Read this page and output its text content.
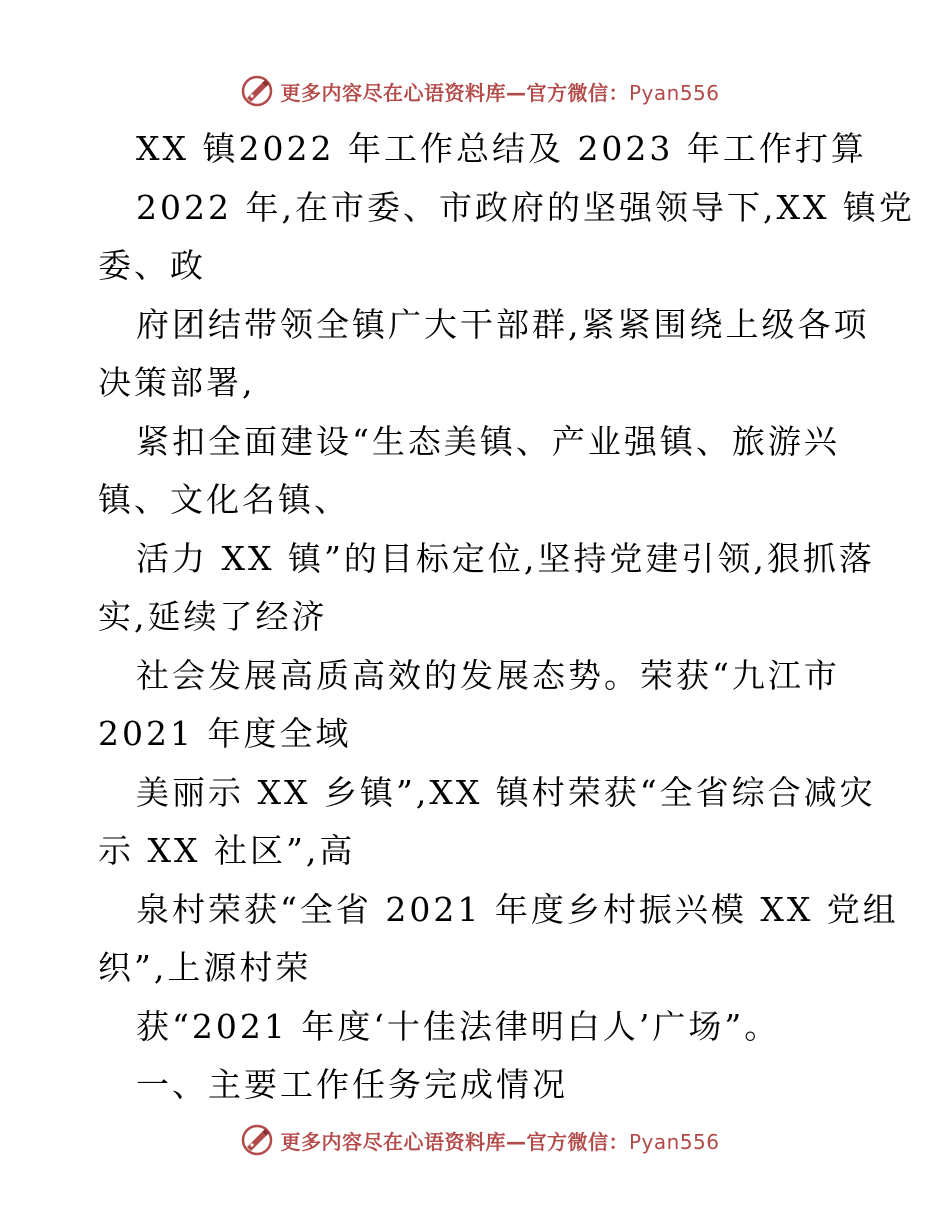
更多内容尽在心语资料库—官方微信：Pyan556
XX 镇2022 年工作总结及 2023 年工作打算
2022 年,在市委、市政府的坚强领导下,XX 镇党
委、政
府团结带领全镇广大干部群,紧紧围绕上级各项
决策部署,
紧扣全面建设“生态美镇、产业强镇、旅游兴
镇、文化名镇、
活力 XX 镇”的目标定位,坚持党建引领,狠抓落
实,延续了经济
社会发展高质高效的发展态势。荣获“九江市
2021 年度全域
美丽示 XX 乡镇”,XX 镇村荣获“全省综合减灾
示 XX 社区”,高
泉村荣获“全省 2021 年度乡村振兴模 XX 党组
织”,上源村荣
获“2021 年度‘十佳法律明白人’广场”。
一、主要工作任务完成情况
更多内容尽在心语资料库—官方微信：Pyan556
